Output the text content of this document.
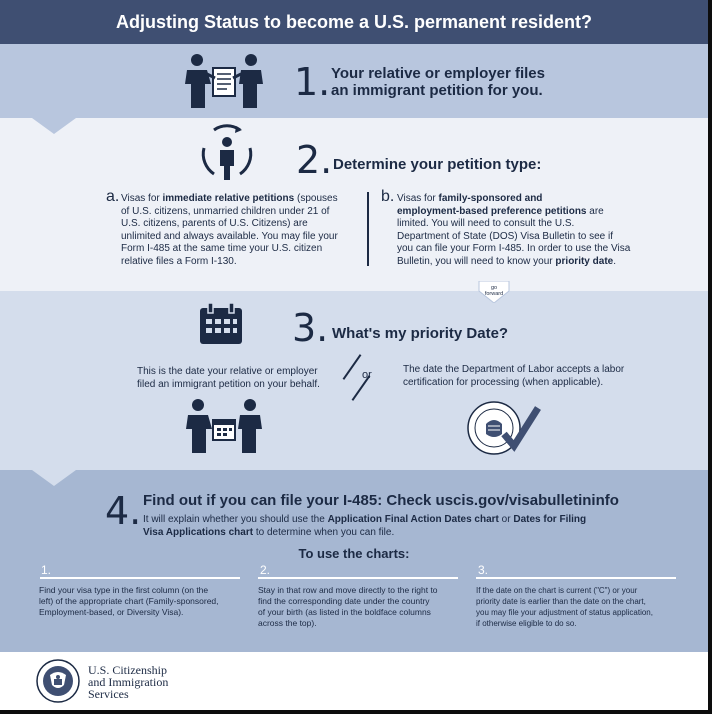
Adjusting Status to become a U.S. permanent resident?
1. Your relative or employer files
an immigrant petition for you.
2. Determine your petition type:
a. Visas for immediate relative petitions (spouses
of U.S. citizens, unmarried children under 21 of
U.S. citizens, parents of U.S. Citizens) are
unlimited and always available. You may file your
Form I-485 at the same time your U.S. citizen
relative files a Form I-130.
b. Visas for family-sponsored and
employment-based preference petitions are
limited. You will need to consult the U.S.
Department of State (DOS) Visa Bulletin to see if
you can file your Form I-485. In order to use the Visa
Bulletin, you will need to know your priority date.
go
forward
3. What's my priority Date?
This is the date your relative or employer
filed an immigrant petition on your behalf.
or	The date the Department of Labor accepts a labor
certification for processing (when applicable).
4. Find out if you can file your I-485: Check uscis.gov/visabulletininfo
It will explain whether you should use the Application Final Action Dates chart or Dates for Filing
Visa Applications chart to determine when you can file.
To use the charts:
1.
Find your visa type in the first column (on the
left) of the appropriate chart (Family-sponsored,
Employment-based, or Diversity Visa).
2.
Stay in that row and move directly to the right to
find the corresponding date under the country
of your birth (as listed in the boldface columns
across the top).
3.
If the date on the chart is current ("C") or your
priority date is earlier than the date on the chart,
you may file your adjustment of status application,
if otherwise eligible to do so.
U.S. Citizenship
and Immigration
Services
